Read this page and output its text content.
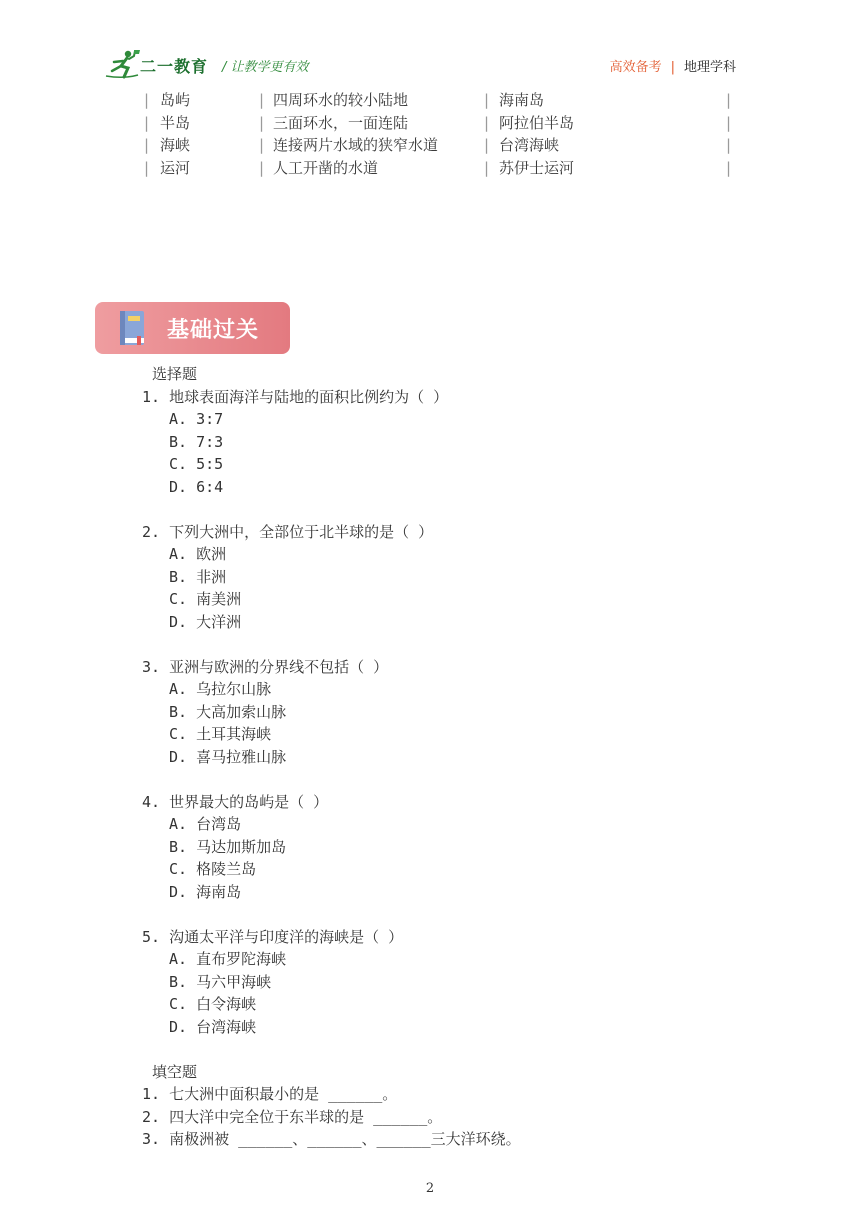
二一教育 / 让教学更有效	高效备考 | 地理学科
| 岛屿	| 四周环水的较小陆地	| 海南岛	|
| 半岛	| 三面环水，一面连陆	| 阿拉伯半岛	|
| 海峡	| 连接两片水域的狭窄水道	| 台湾海峡	|
| 运河	| 人工开凿的水道	| 苏伊士运河	|
基础过关
选择题
1. 地球表面海洋与陆地的面积比例约为（ ）
A. 3:7
B. 7:3
C. 5:5
D. 6:4
2. 下列大洲中，全部位于北半球的是（ ）
A. 欧洲
B. 非洲
C. 南美洲
D. 大洋洲
3. 亚洲与欧洲的分界线不包括（ ）
A. 乌拉尔山脉
B. 大高加索山脉
C. 土耳其海峡
D. 喜马拉雅山脉
4. 世界最大的岛屿是（ ）
A. 台湾岛
B. 马达加斯加岛
C. 格陵兰岛
D. 海南岛
5. 沟通太平洋与印度洋的海峡是（ ）
A. 直布罗陀海峡
B. 马六甲海峡
C. 白令海峡
D. 台湾海峡
填空题
1. 七大洲中面积最小的是 ______。
2. 四大洋中完全位于东半球的是 ______。
3. 南极洲被 ______、______、______三大洋环绕。
2
